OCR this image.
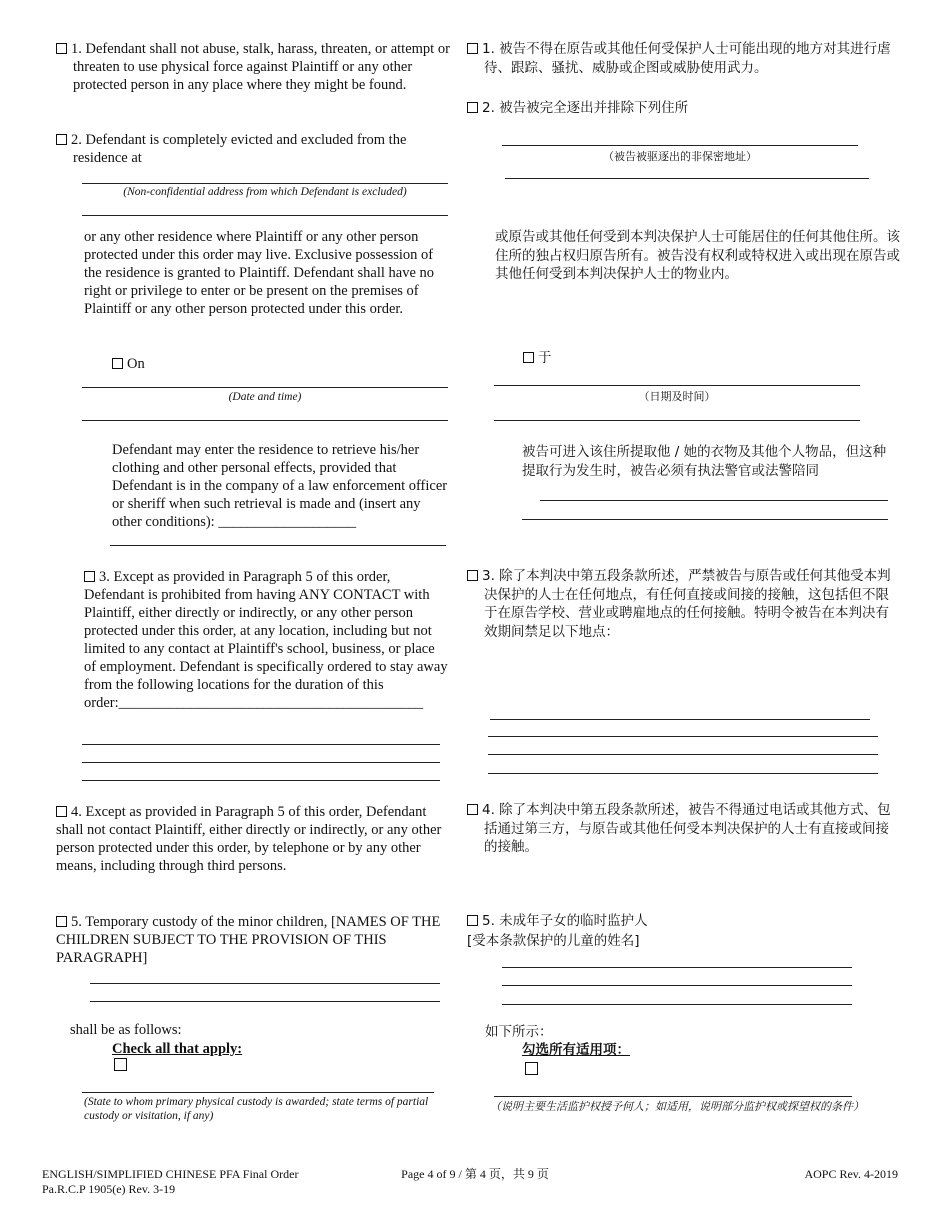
1. Defendant shall not abuse, stalk, harass, threaten, or attempt or threaten to use physical force against Plaintiff or any other protected person in any place where they might be found.
2. Defendant is completely evicted and excluded from the residence at
(Non-confidential address from which Defendant is excluded)
or any other residence where Plaintiff or any other person protected under this order may live. Exclusive possession of the residence is granted to Plaintiff. Defendant shall have no right or privilege to enter or be present on the premises of Plaintiff or any other person protected under this order.
On
(Date and time)
Defendant may enter the residence to retrieve his/her clothing and other personal effects, provided that Defendant is in the company of a law enforcement officer or sheriff when such retrieval is made and (insert any other conditions): ___________________
3. Except as provided in Paragraph 5 of this order, Defendant is prohibited from having ANY CONTACT with Plaintiff, either directly or indirectly, or any other person protected under this order, at any location, including but not limited to any contact at Plaintiff's school, business, or place of employment. Defendant is specifically ordered to stay away from the following locations for the duration of this order:__________________________________________
4. Except as provided in Paragraph 5 of this order, Defendant shall not contact Plaintiff, either directly or indirectly, or any other person protected under this order, by telephone or by any other means, including through third persons.
5. Temporary custody of the minor children, [NAMES OF THE CHILDREN SUBJECT TO THE PROVISION OF THIS PARAGRAPH]
shall be as follows:
Check all that apply:
(State to whom primary physical custody is awarded; state terms of partial custody or visitation, if any)
1. 被告不得在原告或其他任何受保护人士可能出现的地方对其进行虐待、跟踪、骚扰、威胁或企图或威胁使用武力。
2. 被告被完全逐出并排除下列住所
（被告被驱逐出的非保密地址）
或原告或其他任何受到本判决保护人士可能居住的任何其他住所。该住所的独占权归原告所有。被告没有权利或特权进入或出现在原告或其他任何受到本判决保护人士的物业内。
于
（日期及时间）
被告可进入该住所提取他 / 她的衣物及其他个人物品，但这种提取行为发生时，被告必须有执法警官或法警陪同
3. 除了本判决中第五段条款所述，严禁被告与原告或任何其他受本判决保护的人士在任何地点，有任何直接或间接的接触，这包括但不限于在原告学校、营业或聘雇地点的任何接触。特明令被告在本判决有效期间禁足以下地点：
4. 除了本判决中第五段条款所述，被告不得通过电话或其他方式、包括通过第三方，与原告或其他任何受本判决保护的人士有直接或间接的接触。
5. 未成年子女的临时监护人
[受本条款保护的儿童的姓名]
如下所示：
勾选所有适用项：
（说明主要生活监护权授予何人；如适用，说明部分监护权或探望权的条件）
ENGLISH/SIMPLIFIED CHINESE PFA Final Order
Pa.R.C.P 1905(e) Rev. 3-19
Page 4 of 9 / 第 4 页，共 9 页	AOPC Rev. 4-2019
